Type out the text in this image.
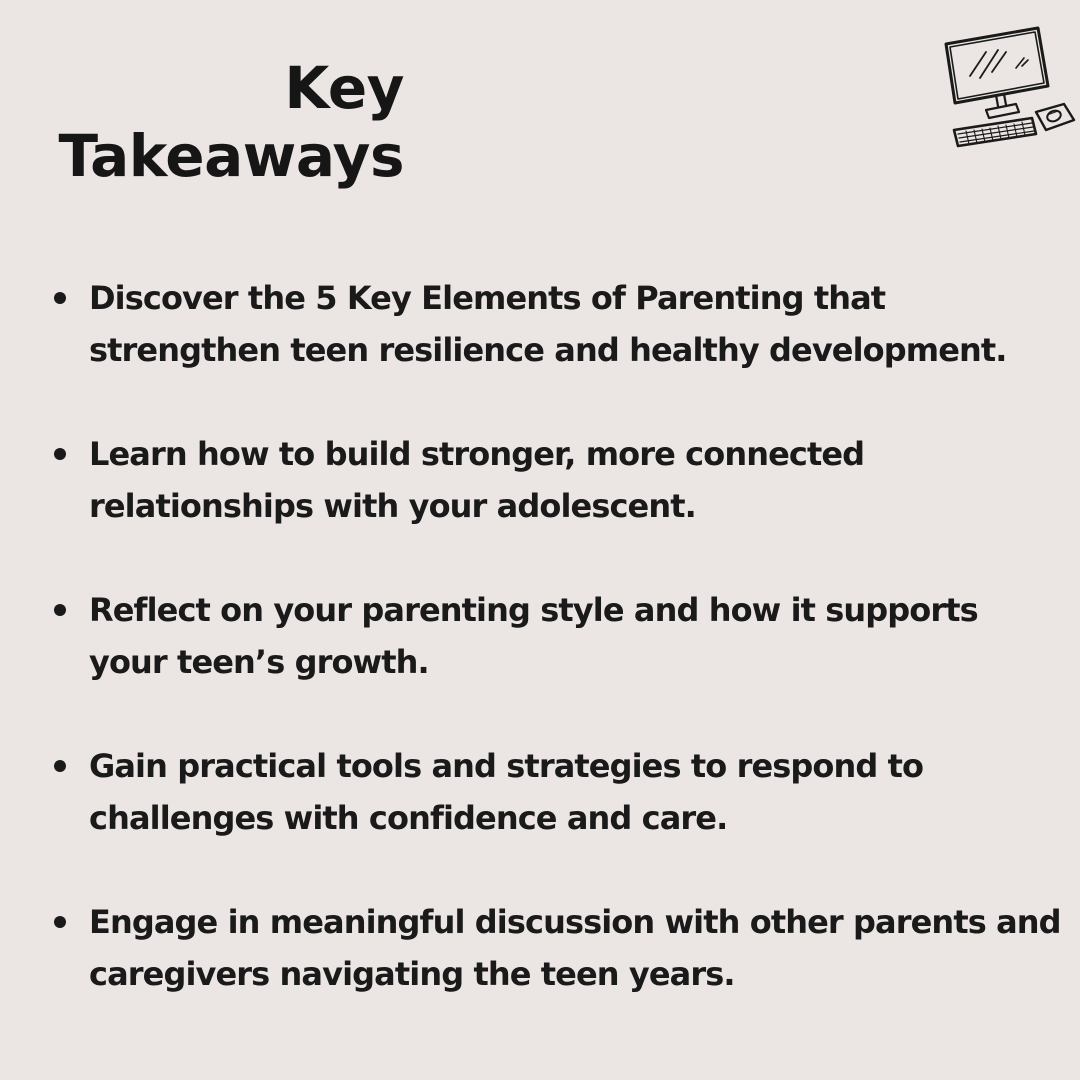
Key
Takeaways
Discover the 5 Key Elements of Parenting that strengthen teen resilience and healthy development.
Learn how to build stronger, more connected relationships with your adolescent.
Reflect on your parenting style and how it supports your teen’s growth.
Gain practical tools and strategies to respond to challenges with confidence and care.
Engage in meaningful discussion with other parents and caregivers navigating the teen years.
